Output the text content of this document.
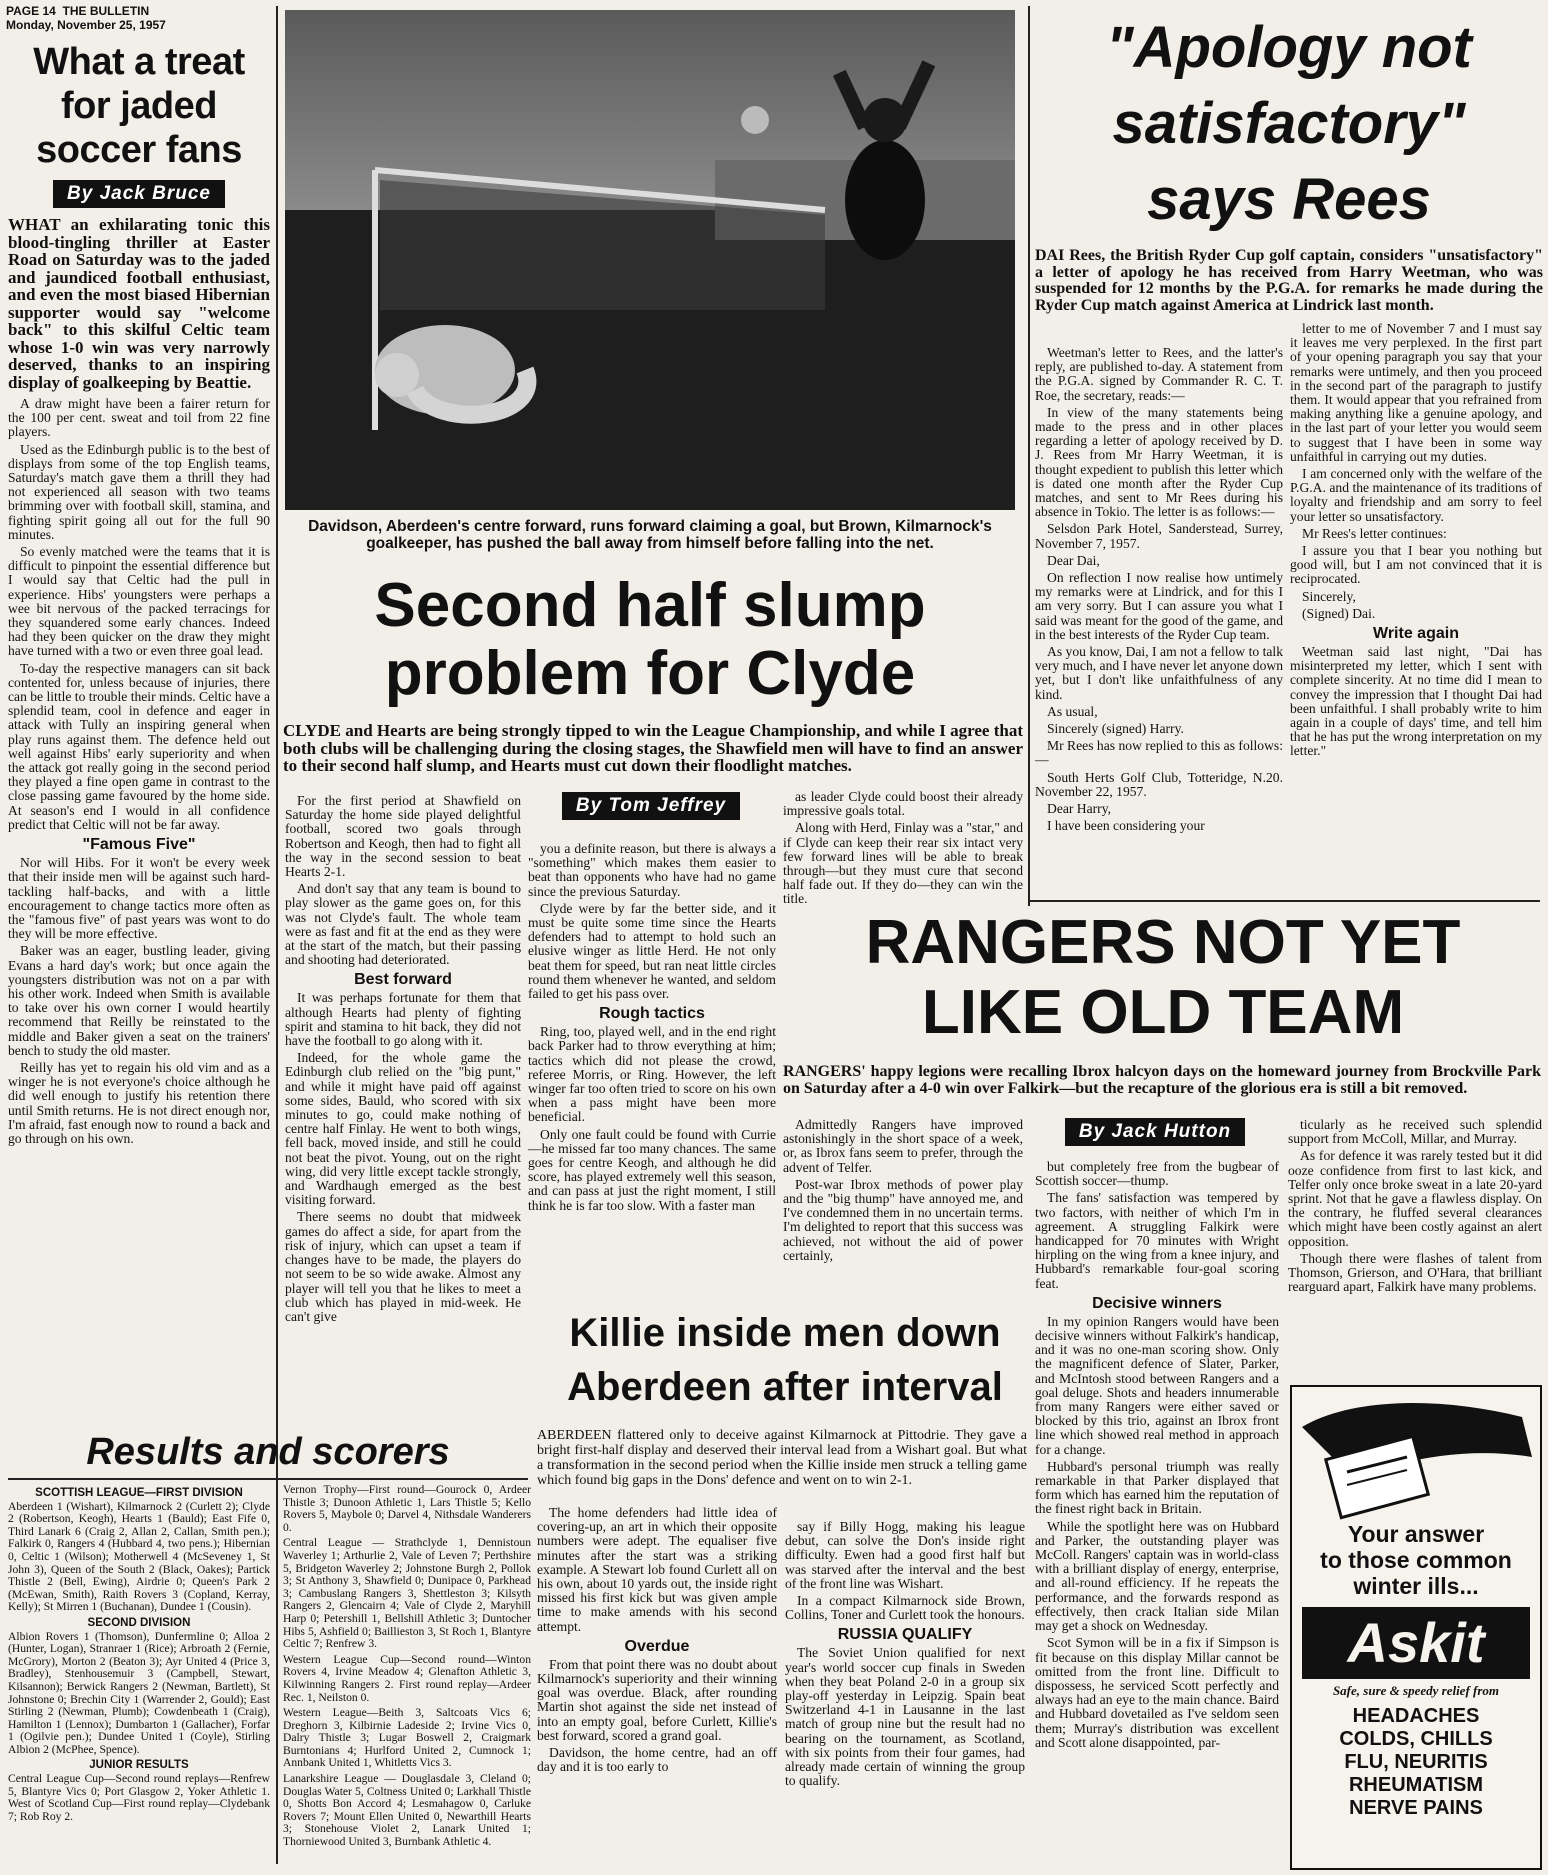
PAGE 14 THE BULLETIN
Monday, November 25, 1957
What a treat for jaded soccer fans
By Jack Bruce
WHAT an exhilarating tonic this blood-tingling thriller at Easter Road on Saturday was to the jaded and jaundiced football enthusiast, and even the most biased Hibernian supporter would say "welcome back" to this skilful Celtic team whose 1-0 win was very narrowly deserved, thanks to an inspiring display of goalkeeping by Beattie.
A draw might have been a fairer return for the 100 per cent. sweat and toil from 22 fine players.
Used as the Edinburgh public is to the best of displays from some of the top English teams, Saturday's match gave them a thrill they had not experienced all season with two teams brimming over with football skill, stamina, and fighting spirit going all out for the full 90 minutes.
So evenly matched were the teams that it is difficult to pinpoint the essential difference but I would say that Celtic had the pull in experience. Hibs' youngsters were perhaps a wee bit nervous of the packed terracings for they squandered some early chances. Indeed had they been quicker on the draw they might have turned with a two or even three goal lead.
To-day the respective managers can sit back contented for, unless because of injuries, there can be little to trouble their minds. Celtic have a splendid team, cool in defence and eager in attack with Tully an inspiring general when play runs against them. The defence held out well against Hibs' early superiority and when the attack got really going in the second period they played a fine open game in contrast to the close passing game favoured by the home side. At season's end I would in all confidence predict that Celtic will not be far away.
"Famous Five"
Nor will Hibs. For it won't be every week that their inside men will be against such hard-tackling half-backs, and with a little encouragement to change tactics more often as the "famous five" of past years was wont to do they will be more effective.
Baker was an eager, bustling leader, giving Evans a hard day's work; but once again the youngsters distribution was not on a par with his other work. Indeed when Smith is available to take over his own corner I would heartily recommend that Reilly be reinstated to the middle and Baker given a seat on the trainers' bench to study the old master.
Reilly has yet to regain his old vim and as a winger he is not everyone's choice although he did well enough to justify his retention there until Smith returns. He is not direct enough nor, I'm afraid, fast enough now to round a back and go through on his own.
Davidson, Aberdeen's centre forward, runs forward claiming a goal, but Brown, Kilmarnock's goalkeeper, has pushed the ball away from himself before falling into the net.
Second half slump
problem for Clyde
CLYDE and Hearts are being strongly tipped to win the League Championship, and while I agree that both clubs will be challenging during the closing stages, the Shawfield men will have to find an answer to their second half slump, and Hearts must cut down their floodlight matches.
By Tom Jeffrey
For the first period at Shawfield on Saturday the home side played delightful football, scored two goals through Robertson and Keogh, then had to fight all the way in the second session to beat Hearts 2-1.
And don't say that any team is bound to play slower as the game goes on, for this was not Clyde's fault. The whole team were as fast and fit at the end as they were at the start of the match, but their passing and shooting had deteriorated.
Best forward
It was perhaps fortunate for them that although Hearts had plenty of fighting spirit and stamina to hit back, they did not have the football to go along with it.
Indeed, for the whole game the Edinburgh club relied on the "big punt," and while it might have paid off against some sides, Bauld, who scored with six minutes to go, could make nothing of centre half Finlay. He went to both wings, fell back, moved inside, and still he could not beat the pivot. Young, out on the right wing, did very little except tackle strongly, and Wardhaugh emerged as the best visiting forward.
There seems no doubt that midweek games do affect a side, for apart from the risk of injury, which can upset a team if changes have to be made, the players do not seem to be so wide awake. Almost any player will tell you that he likes to meet a club which has played in mid-week. He can't give
you a definite reason, but there is always a "something" which makes them easier to beat than opponents who have had no game since the previous Saturday.
Clyde were by far the better side, and it must be quite some time since the Hearts defenders had to attempt to hold such an elusive winger as little Herd. He not only beat them for speed, but ran neat little circles round them whenever he wanted, and seldom failed to get his pass over.
Rough tactics
Ring, too, played well, and in the end right back Parker had to throw everything at him; tactics which did not please the crowd, referee Morris, or Ring. However, the left winger far too often tried to score on his own when a pass might have been more beneficial.
Only one fault could be found with Currie—he missed far too many chances. The same goes for centre Keogh, and although he did score, has played extremely well this season, and can pass at just the right moment, I still think he is far too slow. With a faster man
as leader Clyde could boost their already impressive goals total.
Along with Herd, Finlay was a "star," and if Clyde can keep their rear six intact very few forward lines will be able to break through—but they must cure that second half fade out. If they do—they can win the title.
"Apology not
satisfactory"
says Rees
DAI Rees, the British Ryder Cup golf captain, considers "unsatisfactory" a letter of apology he has received from Harry Weetman, who was suspended for 12 months by the P.G.A. for remarks he made during the Ryder Cup match against America at Lindrick last month.
Weetman's letter to Rees, and the latter's reply, are published to-day. A statement from the P.G.A. signed by Commander R. C. T. Roe, the secretary, reads:—
In view of the many statements being made to the press and in other places regarding a letter of apology received by D. J. Rees from Mr Harry Weetman, it is thought expedient to publish this letter which is dated one month after the Ryder Cup matches, and sent to Mr Rees during his absence in Tokio. The letter is as follows:—
Selsdon Park Hotel, Sanderstead, Surrey, November 7, 1957.
Dear Dai,
On reflection I now realise how untimely my remarks were at Lindrick, and for this I am very sorry. But I can assure you what I said was meant for the good of the game, and in the best interests of the Ryder Cup team.
As you know, Dai, I am not a fellow to talk very much, and I have never let anyone down yet, but I don't like unfaithfulness of any kind.
As usual,
Sincerely (signed) Harry.
Mr Rees has now replied to this as follows:—
South Herts Golf Club, Totteridge, N.20. November 22, 1957.
Dear Harry,
I have been considering your
letter to me of November 7 and I must say it leaves me very perplexed. In the first part of your opening paragraph you say that your remarks were untimely, and then you proceed in the second part of the paragraph to justify them. It would appear that you refrained from making anything like a genuine apology, and in the last part of your letter you would seem to suggest that I have been in some way unfaithful in carrying out my duties.
I am concerned only with the welfare of the P.G.A. and the maintenance of its traditions of loyalty and friendship and am sorry to feel your letter so unsatisfactory.
Mr Rees's letter continues:
I assure you that I bear you nothing but good will, but I am not convinced that it is reciprocated.
Sincerely,
(Signed) Dai.
Write again
Weetman said last night, "Dai has misinterpreted my letter, which I sent with complete sincerity. At no time did I mean to convey the impression that I thought Dai had been unfaithful. I shall probably write to him again in a couple of days' time, and tell him that he has put the wrong interpretation on my letter."
RANGERS NOT YET
LIKE OLD TEAM
RANGERS' happy legions were recalling Ibrox halcyon days on the homeward journey from Brockville Park on Saturday after a 4-0 win over Falkirk—but the recapture of the glorious era is still a bit removed.
Admittedly Rangers have improved astonishingly in the short space of a week, or, as Ibrox fans seem to prefer, through the advent of Telfer.
Post-war Ibrox methods of power play and the "big thump" have annoyed me, and I've condemned them in no uncertain terms. I'm delighted to report that this success was achieved, not without the aid of power certainly,
By Jack Hutton
but completely free from the bugbear of Scottish soccer—thump.
The fans' satisfaction was tempered by two factors, with neither of which I'm in agreement. A struggling Falkirk were handicapped for 70 minutes with Wright hirpling on the wing from a knee injury, and Hubbard's remarkable four-goal scoring feat.
Decisive winners
In my opinion Rangers would have been decisive winners without Falkirk's handicap, and it was no one-man scoring show. Only the magnificent defence of Slater, Parker, and McIntosh stood between Rangers and a goal deluge. Shots and headers innumerable from many Rangers were either saved or blocked by this trio, against an Ibrox front line which showed real method in approach for a change.
Hubbard's personal triumph was really remarkable in that Parker displayed that form which has earned him the reputation of the finest right back in Britain.
While the spotlight here was on Hubbard and Parker, the outstanding player was McColl. Rangers' captain was in world-class with a brilliant display of energy, enterprise, and all-round efficiency. If he repeats the performance, and the forwards respond as effectively, then crack Italian side Milan may get a shock on Wednesday.
Scot Symon will be in a fix if Simpson is fit because on this display Millar cannot be omitted from the front line. Difficult to dispossess, he serviced Scott perfectly and always had an eye to the main chance. Baird and Hubbard dovetailed as I've seldom seen them; Murray's distribution was excellent and Scott alone disappointed, par-
ticularly as he received such splendid support from McColl, Millar, and Murray.
As for defence it was rarely tested but it did ooze confidence from first to last kick, and Telfer only once broke sweat in a late 20-yard sprint. Not that he gave a flawless display. On the contrary, he fluffed several clearances which might have been costly against an alert opposition.
Though there were flashes of talent from Thomson, Grierson, and O'Hara, that brilliant rearguard apart, Falkirk have many problems.
Killie inside men down
Aberdeen after interval
ABERDEEN flattered only to deceive against Kilmarnock at Pittodrie. They gave a bright first-half display and deserved their interval lead from a Wishart goal. But what a transformation in the second period when the Killie inside men struck a telling game which found big gaps in the Dons' defence and went on to win 2-1.
The home defenders had little idea of covering-up, an art in which their opposite numbers were adept. The equaliser five minutes after the start was a striking example. A Stewart lob found Curlett all on his own, about 10 yards out, the inside right missed his first kick but was given ample time to make amends with his second attempt.
Overdue
From that point there was no doubt about Kilmarnock's superiority and their winning goal was overdue. Black, after rounding Martin shot against the side net instead of into an empty goal, before Curlett, Killie's best forward, scored a grand goal.
Davidson, the home centre, had an off day and it is too early to
say if Billy Hogg, making his league debut, can solve the Don's inside right difficulty. Ewen had a good first half but was starved after the interval and the best of the front line was Wishart.
In a compact Kilmarnock side Brown, Collins, Toner and Curlett took the honours.
RUSSIA QUALIFY
The Soviet Union qualified for next year's world soccer cup finals in Sweden when they beat Poland 2-0 in a group six play-off yesterday in Leipzig. Spain beat Switzerland 4-1 in Lausanne in the last match of group nine but the result had no bearing on the tournament, as Scotland, with six points from their four games, had already made certain of winning the group to qualify.
Results and scorers
SCOTTISH LEAGUE—FIRST DIVISION
Aberdeen 1 (Wishart), Kilmarnock 2 (Curlett 2); Clyde 2 (Robertson, Keogh), Hearts 1 (Bauld); East Fife 0, Third Lanark 6 (Craig 2, Allan 2, Callan, Smith pen.); Falkirk 0, Rangers 4 (Hubbard 4, two pens.); Hibernian 0, Celtic 1 (Wilson); Motherwell 4 (McSeveney 1, St John 3), Queen of the South 2 (Black, Oakes); Partick Thistle 2 (Bell, Ewing), Airdrie 0; Queen's Park 2 (McEwan, Smith), Raith Rovers 3 (Copland, Kerray, Kelly); St Mirren 1 (Buchanan), Dundee 1 (Cousin).
SECOND DIVISION
Albion Rovers 1 (Thomson), Dunfermline 0; Alloa 2 (Hunter, Logan), Stranraer 1 (Rice); Arbroath 2 (Fernie, McGrory), Morton 2 (Beaton 3); Ayr United 4 (Price 3, Bradley), Stenhousemuir 3 (Campbell, Stewart, Kilsannon); Berwick Rangers 2 (Newman, Bartlett), St Johnstone 0; Brechin City 1 (Warrender 2, Gould); East Stirling 2 (Newman, Plumb); Cowdenbeath 1 (Craig), Hamilton 1 (Lennox); Dumbarton 1 (Gallacher), Forfar 1 (Ogilvie pen.); Dundee United 1 (Coyle), Stirling Albion 2 (McPhee, Spence).
JUNIOR RESULTS
Central League Cup—Second round replays—Renfrew 5, Blantyre Vics 0; Port Glasgow 2, Yoker Athletic 1. West of Scotland Cup—First round replay—Clydebank 7; Rob Roy 2.
Vernon Trophy—First round—Gourock 0, Ardeer Thistle 3; Dunoon Athletic 1, Lars Thistle 5; Kello Rovers 5, Maybole 0; Darvel 4, Nithsdale Wanderers 0.
Central League — Strathclyde 1, Dennistoun Waverley 1; Arthurlie 2, Vale of Leven 7; Perthshire 5, Bridgeton Waverley 2; Johnstone Burgh 2, Pollok 3; St Anthony 3, Shawfield 0; Dunipace 0, Parkhead 3; Cambuslang Rangers 3, Shettleston 3; Kilsyth Rangers 2, Glencairn 4; Vale of Clyde 2, Maryhill Harp 0; Petershill 1, Bellshill Athletic 3; Duntocher Hibs 5, Ashfield 0; Baillieston 3, St Roch 1, Blantyre Celtic 7; Renfrew 3.
Western League Cup—Second round—Winton Rovers 4, Irvine Meadow 4; Glenafton Athletic 3, Kilwinning Rangers 2. First round replay—Ardeer Rec. 1, Neilston 0.
Western League—Beith 3, Saltcoats Vics 6; Dreghorn 3, Kilbirnie Ladeside 2; Irvine Vics 0, Dalry Thistle 3; Lugar Boswell 2, Craigmark Burntonians 4; Hurlford United 2, Cumnock 1; Annbank United 1, Whitletts Vics 3.
Lanarkshire League — Douglasdale 3, Cleland 0; Douglas Water 5, Coltness United 0; Larkhall Thistle 0, Shotts Bon Accord 4; Lesmahagow 0, Carluke Rovers 7; Mount Ellen United 0, Newarthill Hearts 3; Stonehouse Violet 2, Lanark United 1; Thorniewood United 3, Burnbank Athletic 4.
Your answer
to those common
winter ills...
Askit
Safe, sure & speedy relief from
HEADACHES
COLDS, CHILLS
FLU, NEURITIS
RHEUMATISM
NERVE PAINS
